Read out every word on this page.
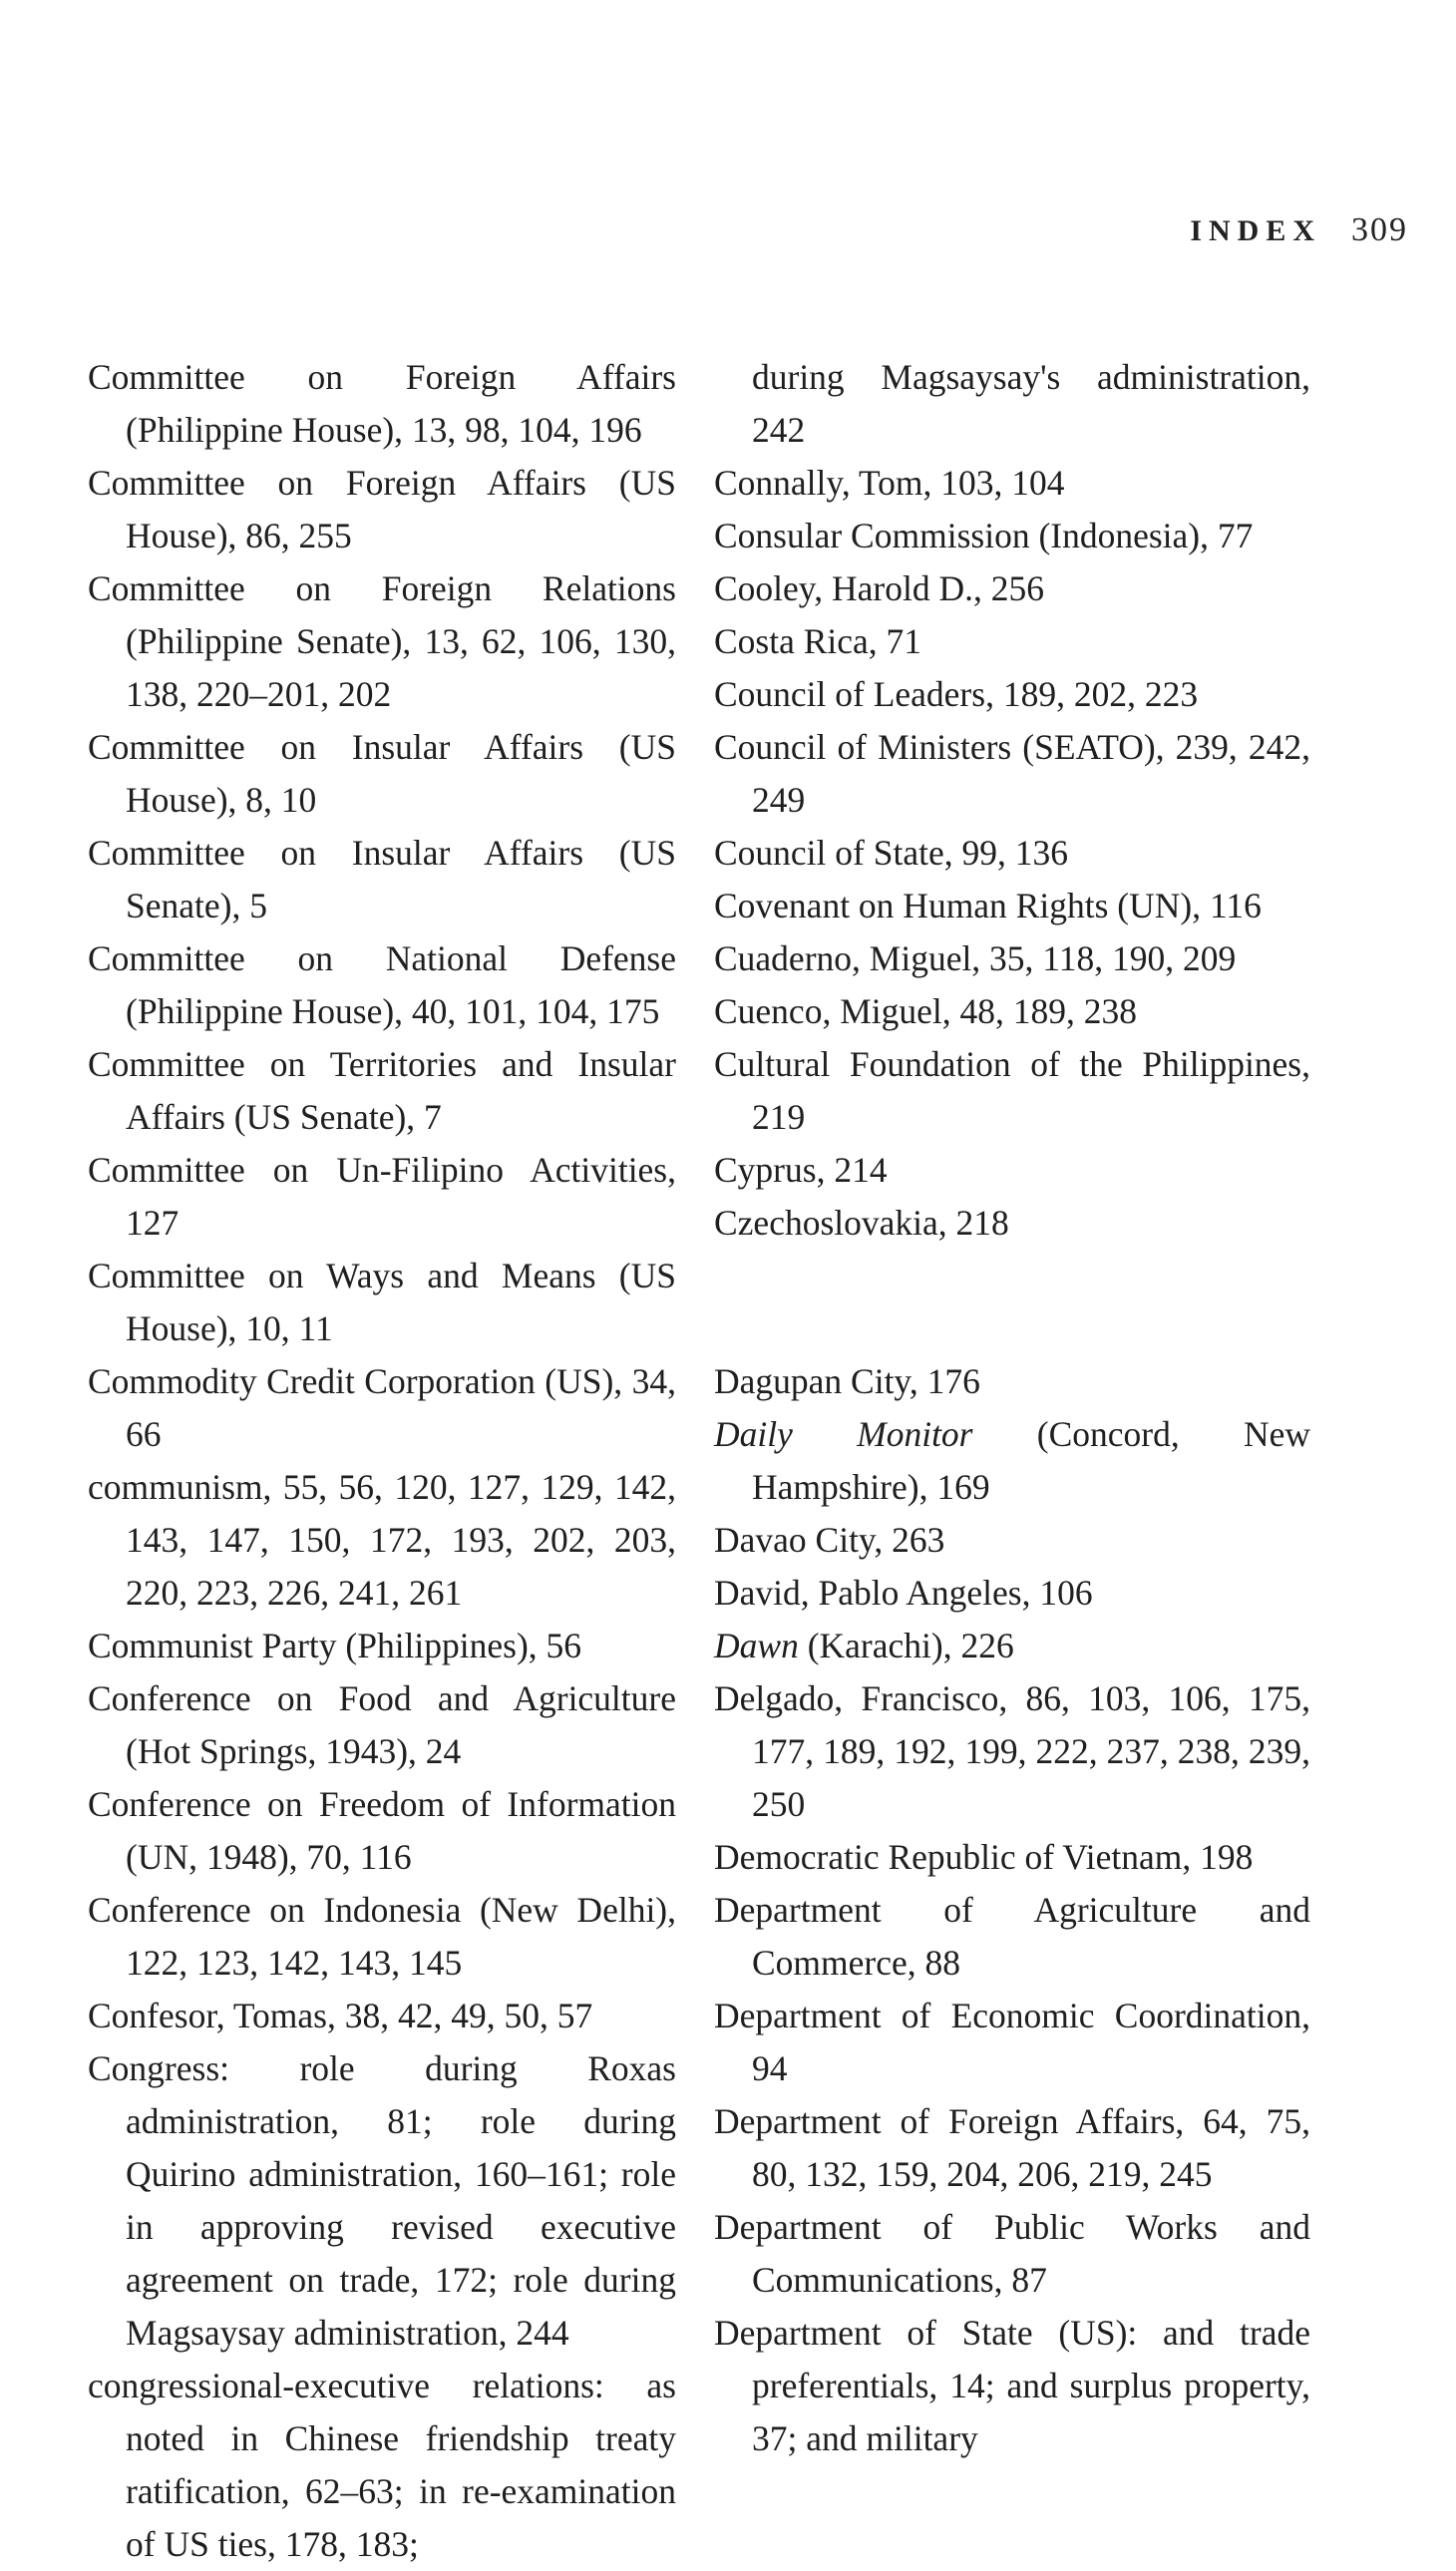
INDEX 309

Committee on Foreign Affairs (Philippine House), 13, 98, 104, 196

Committee on Foreign Affairs (US House), 86, 255

Committee on Foreign Relations (Philippine Senate), 13, 62, 106, 130, 138, 220–201, 202

Committee on Insular Affairs (US House), 8, 10

Committee on Insular Affairs (US Senate), 5

Committee on National Defense (Philippine House), 40, 101, 104, 175

Committee on Territories and Insular Affairs (US Senate), 7

Committee on Un-Filipino Activities, 127

Committee on Ways and Means (US House), 10, 11

Commodity Credit Corporation (US), 34, 66

communism, 55, 56, 120, 127, 129, 142, 143, 147, 150, 172, 193, 202, 203, 220, 223, 226, 241, 261

Communist Party (Philippines), 56

Conference on Food and Agriculture (Hot Springs, 1943), 24

Conference on Freedom of Information (UN, 1948), 70, 116

Conference on Indonesia (New Delhi), 122, 123, 142, 143, 145

Confesor, Tomas, 38, 42, 49, 50, 57

Congress: role during Roxas administration, 81; role during Quirino administration, 160–161; role in approving revised executive agreement on trade, 172; role during Magsaysay administration, 244

congressional-executive relations: as noted in Chinese friendship treaty ratification, 62–63; in re-examination of US ties, 178, 183;

during Magsaysay's administration, 242

Connally, Tom, 103, 104

Consular Commission (Indonesia), 77

Cooley, Harold D., 256

Costa Rica, 71

Council of Leaders, 189, 202, 223

Council of Ministers (SEATO), 239, 242, 249

Council of State, 99, 136

Covenant on Human Rights (UN), 116

Cuaderno, Miguel, 35, 118, 190, 209

Cuenco, Miguel, 48, 189, 238

Cultural Foundation of the Philippines, 219

Cyprus, 214

Czechoslovakia, 218

Dagupan City, 176

Daily Monitor (Concord, New Hampshire), 169

Davao City, 263

David, Pablo Angeles, 106

Dawn (Karachi), 226

Delgado, Francisco, 86, 103, 106, 175, 177, 189, 192, 199, 222, 237, 238, 239, 250

Democratic Republic of Vietnam, 198

Department of Agriculture and Commerce, 88

Department of Economic Coordination, 94

Department of Foreign Affairs, 64, 75, 80, 132, 159, 204, 206, 219, 245

Department of Public Works and Communications, 87

Department of State (US): and trade preferentials, 14; and surplus property, 37; and military
